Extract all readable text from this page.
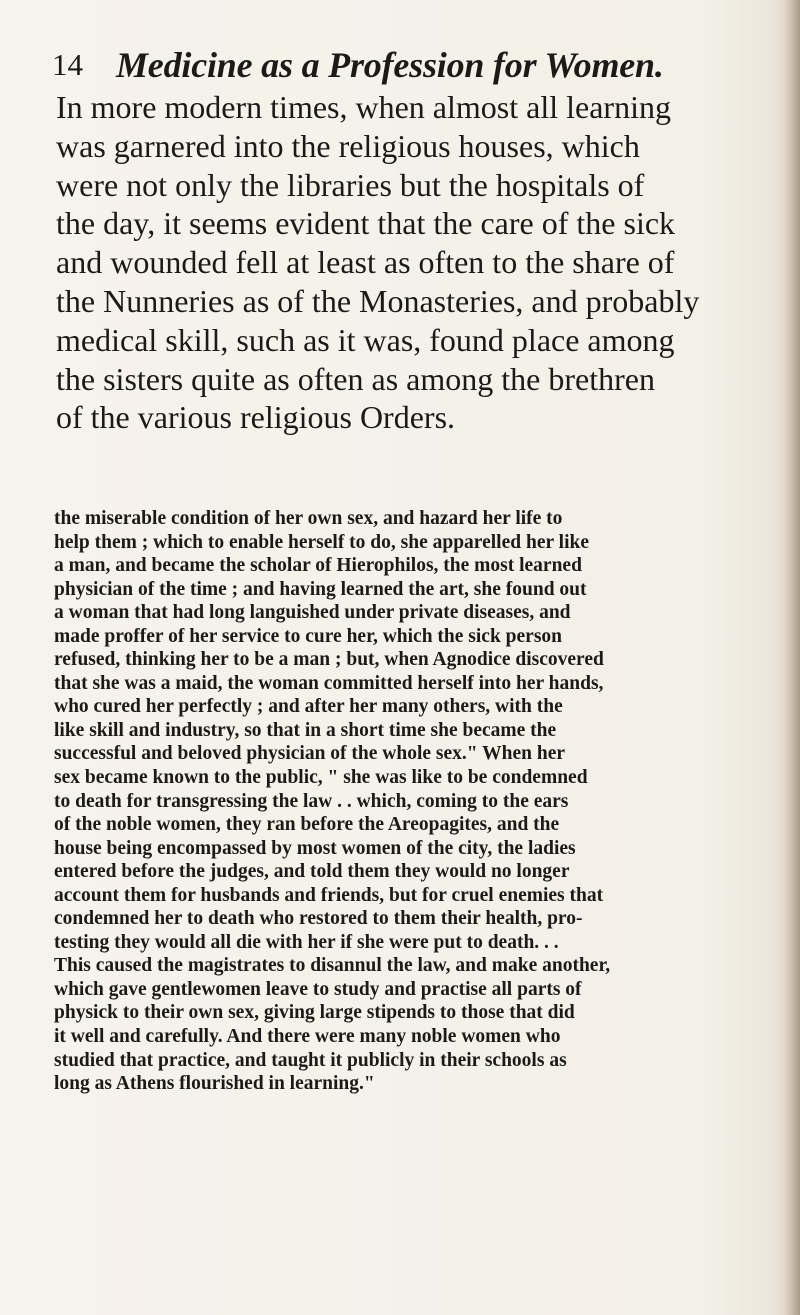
14 Medicine as a Profession for Women.
In more modern times, when almost all learning
was garnered into the religious houses, which
were not only the libraries but the hospitals of
the day, it seems evident that the care of the sick
and wounded fell at least as often to the share of
the Nunneries as of the Monasteries, and probably
medical skill, such as it was, found place among
the sisters quite as often as among the brethren
of the various religious Orders.
the miserable condition of her own sex, and hazard her life to
help them ; which to enable herself to do, she apparelled her like
a man, and became the scholar of Hierophilos, the most learned
physician of the time ; and having learned the art, she found out
a woman that had long languished under private diseases, and
made proffer of her service to cure her, which the sick person
refused, thinking her to be a man ; but, when Agnodice discovered
that she was a maid, the woman committed herself into her hands,
who cured her perfectly ; and after her many others, with the
like skill and industry, so that in a short time she became the
successful and beloved physician of the whole sex." When her
sex became known to the public, " she was like to be condemned
to death for transgressing the law . . which, coming to the ears
of the noble women, they ran before the Areopagites, and the
house being encompassed by most women of the city, the ladies
entered before the judges, and told them they would no longer
account them for husbands and friends, but for cruel enemies that
condemned her to death who restored to them their health, pro-
testing they would all die with her if she were put to death. . .
This caused the magistrates to disannul the law, and make another,
which gave gentlewomen leave to study and practise all parts of
physick to their own sex, giving large stipends to those that did
it well and carefully. And there were many noble women who
studied that practice, and taught it publicly in their schools as
long as Athens flourished in learning."
